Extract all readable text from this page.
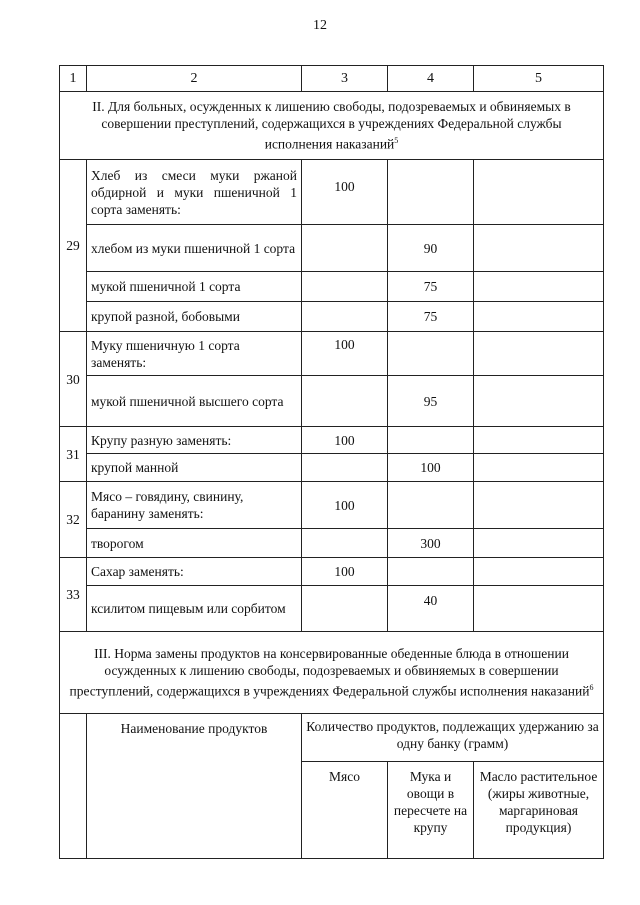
12
1	2	3	4	5
II. Для больных, осужденных к лишению свободы, подозреваемых и обвиняемых в совершении преступлений, содержащихся в учреждениях Федеральной службы исполнения наказаний$^5$
29	Хлеб из смеси муки ржаной обдирной и муки пшеничной 1 сорта заменять:	100		
	хлебом из муки пшеничной 1 сорта		90	
	мукой пшеничной 1 сорта		75	
	крупой разной, бобовыми		75	
30	Муку пшеничную 1 сорта заменять:	100		
	мукой пшеничной высшего сорта		95	
31	Крупу разную заменять:	100		
	крупой манной		100	
32	Мясо – говядину, свинину, баранину заменять:	100		
	творогом		300	
33	Сахар заменять:	100		
	ксилитом пищевым или сорбитом		40	
III. Норма замены продуктов на консервированные обеденные блюда в отношении осужденных к лишению свободы, подозреваемых и обвиняемых в совершении преступлений, содержащихся в учреждениях Федеральной службы исполнения наказаний$^6$
	Наименование продуктов	Количество продуктов, подлежащих удержанию за одну банку (грамм)		
		Мясо	Мука и овощи в пересчете на крупу	Масло растительное (жиры животные, маргариновая продукция)
